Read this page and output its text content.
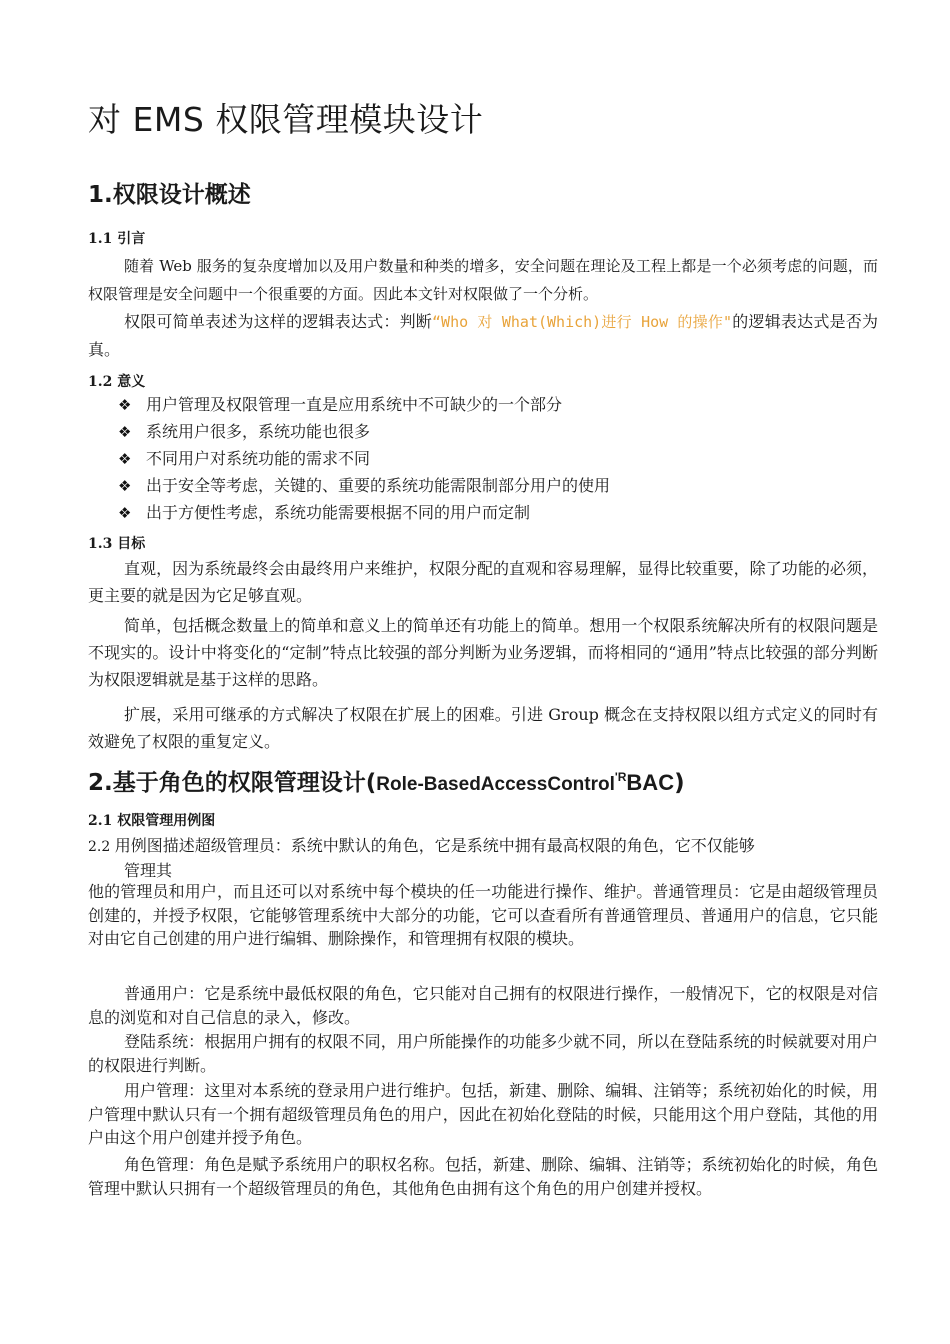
对 EMS 权限管理模块设计
1.权限设计概述
1.1 引言

随着 Web 服务的复杂度增加以及用户数量和种类的增多，安全问题在理论及工程上都是一个必须考虑的问题，而权限管理是安全问题中一个很重要的方面。因此本文针对权限做了一个分析。

权限可简单表述为这样的逻辑表达式：判断“Who 对 What(Which)进行 How 的操作"的逻辑表达式是否为真。

1.2 意义
❖ 用户管理及权限管理一直是应用系统中不可缺少的一个部分
❖ 系统用户很多，系统功能也很多
❖ 不同用户对系统功能的需求不同
❖ 出于安全等考虑，关键的、重要的系统功能需限制部分用户的使用
❖ 出于方便性考虑，系统功能需要根据不同的用户而定制
1.3 目标

直观，因为系统最终会由最终用户来维护，权限分配的直观和容易理解，显得比较重要，除了功能的必须，更主要的就是因为它足够直观。

简单，包括概念数量上的简单和意义上的简单还有功能上的简单。想用一个权限系统解决所有的权限问题是不现实的。设计中将变化的“定制”特点比较强的部分判断为业务逻辑，而将相同的“通用”特点比较强的部分判断为权限逻辑就是基于这样的思路。

扩展，采用可继承的方式解决了权限在扩展上的困难。引进 Group 概念在支持权限以组方式定义的同时有效避免了权限的重复定义。

2.基于角色的权限管理设计(Role-BasedAccessControl$^{'R}$BAC)
2.1 权限管理用例图
2.2 用例图描述超级管理员：系统中默认的角色，它是系统中拥有最高权限的角色，它不仅能够
管理其

他的管理员和用户，而且还可以对系统中每个模块的任一功能进行操作、维护。普通管理员：它是由超级管理员创建的，并授予权限，它能够管理系统中大部分的功能，它可以查看所有普通管理员、普通用户的信息，它只能对由它自己创建的用户进行编辑、删除操作，和管理拥有权限的模块。

普通用户：它是系统中最低权限的角色，它只能对自己拥有的权限进行操作，一般情况下，它的权限是对信息的浏览和对自己信息的录入，修改。

登陆系统：根据用户拥有的权限不同，用户所能操作的功能多少就不同，所以在登陆系统的时候就要对用户的权限进行判断。

用户管理：这里对本系统的登录用户进行维护。包括，新建、删除、编辑、注销等；系统初始化的时候，用户管理中默认只有一个拥有超级管理员角色的用户，因此在初始化登陆的时候，只能用这个用户登陆，其他的用户由这个用户创建并授予角色。

角色管理：角色是赋予系统用户的职权名称。包括，新建、删除、编辑、注销等；系统初始化的时候，角色管理中默认只拥有一个超级管理员的角色，其他角色由拥有这个角色的用户创建并授权。
